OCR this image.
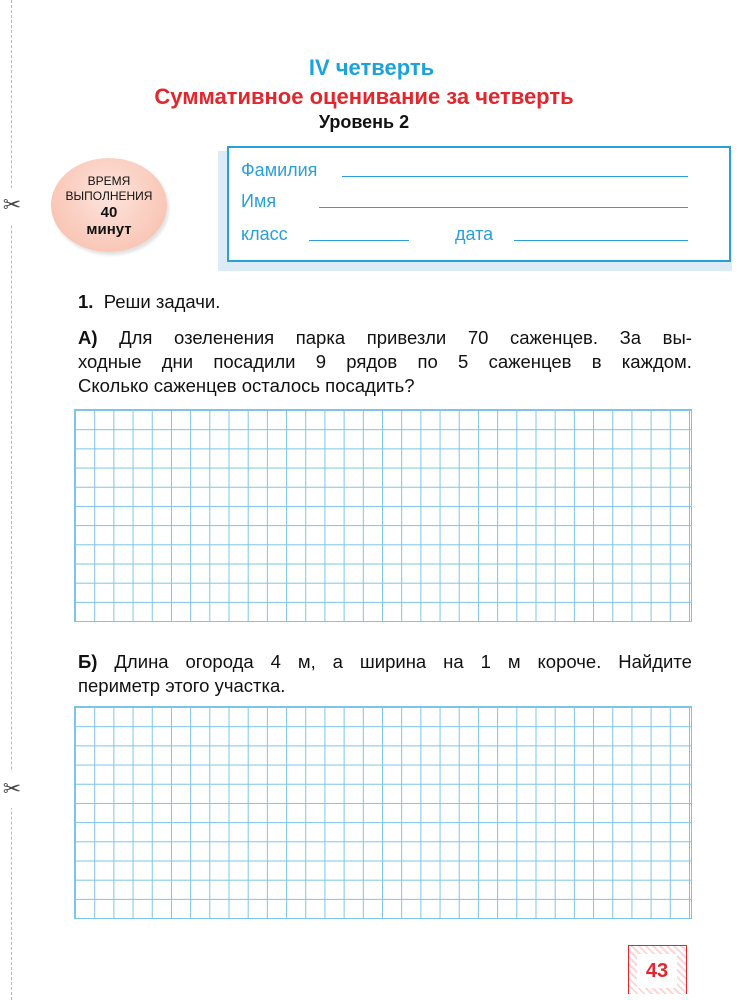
✂
✂
IV четверть
Суммативное оценивание за четверть
Уровень 2
ВРЕМЯ
ВЫПОЛНЕНИЯ
40
минут
Фамилия
Имя
класс	дата
1. Реши задачи.
А) Для озеленения парка привезли 70 саженцев. За вы-
ходные дни посадили 9 рядов по 5 саженцев в каждом.
Сколько саженцев осталось посадить?
Б) Длина огорода 4 м, а ширина на 1 м короче. Найдите
периметр этого участка.
43
